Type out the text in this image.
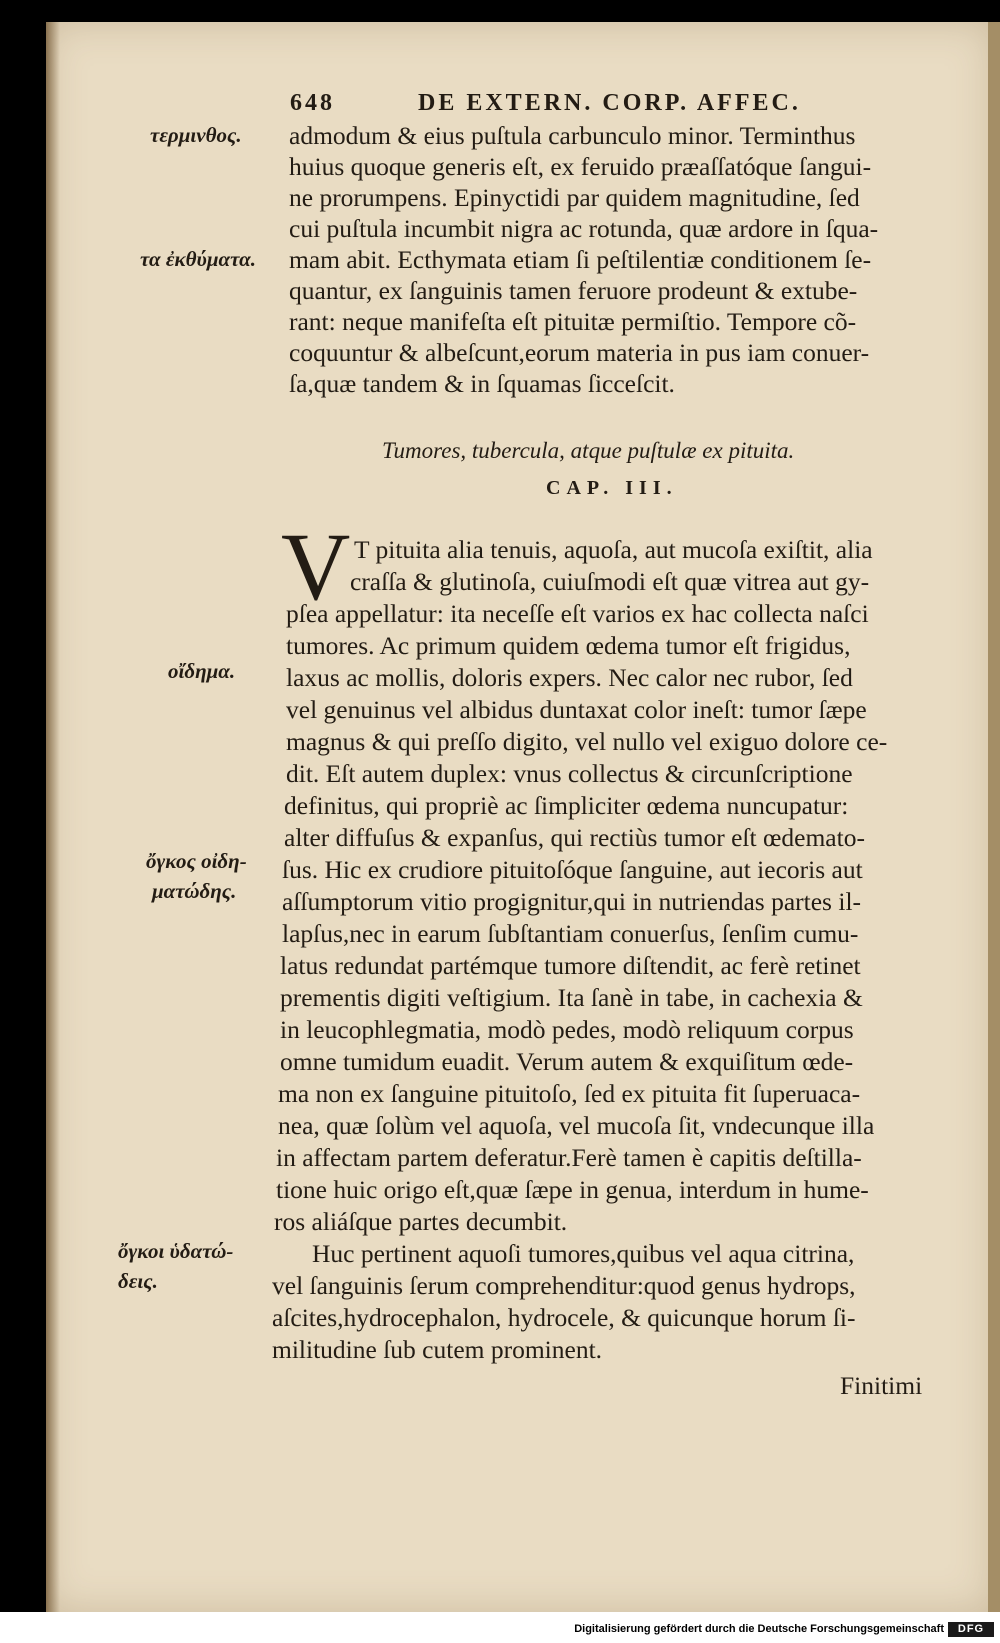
648	DE EXTERN. CORP. AFFEC.

τερμινθος.

τα ἐκθύματα.

οἴδημα.

ὄγκος οἰδη-

ματώδης.

ὄγκοι ὑδατώ-

δεις.

admodum & eius puſtula carbunculo minor. Terminthus

huius quoque generis eſt, ex feruido præaſſatóque ſangui-

ne prorumpens. Epinyctidi par quidem magnitudine, ſed

cui puſtula incumbit nigra ac rotunda, quæ ardore in ſqua-

mam abit. Ecthymata etiam ſi peſtilentiæ conditionem ſe-

quantur, ex ſanguinis tamen feruore prodeunt & extube-

rant: neque manifeſta eſt pituitæ permiſtio. Tempore cõ-

coquuntur & albeſcunt,eorum materia in pus iam conuer-

ſa,quæ tandem & in ſquamas ſicceſcit.

Tumores, tubercula, atque puſtulæ ex pituita.

CAP. III.

V T pituita alia tenuis, aquoſa, aut mucoſa exiſtit, alia

craſſa & glutinoſa, cuiuſmodi eſt quæ vitrea aut gy-

pſea appellatur: ita neceſſe eſt varios ex hac collecta naſci

tumores. Ac primum quidem œdema tumor eſt frigidus,

laxus ac mollis, doloris expers. Nec calor nec rubor, ſed

vel genuinus vel albidus duntaxat color ineſt: tumor ſæpe

magnus & qui preſſo digito, vel nullo vel exiguo dolore ce-

dit. Eſt autem duplex: vnus collectus & circunſcriptione

definitus, qui propriè ac ſimpliciter œdema nuncupatur:

alter diffuſus & expanſus, qui rectiùs tumor eſt œdemato-

ſus. Hic ex crudiore pituitoſóque ſanguine, aut iecoris aut

aſſumptorum vitio progignitur,qui in nutriendas partes il-

lapſus,nec in earum ſubſtantiam conuerſus, ſenſim cumu-

latus redundat partémque tumore diſtendit, ac ferè retinet

prementis digiti veſtigium. Ita ſanè in tabe, in cachexia &

in leucophlegmatia, modò pedes, modò reliquum corpus

omne tumidum euadit. Verum autem & exquiſitum œde-

ma non ex ſanguine pituitoſo, ſed ex pituita fit ſuperuaca-

nea, quæ ſolùm vel aquoſa, vel mucoſa ſit, vndecunque illa

in affectam partem deferatur.Ferè tamen è capitis deſtilla-

tione huic origo eſt,quæ ſæpe in genua, interdum in hume-

ros aliáſque partes decumbit.

Huc pertinent aquoſi tumores,quibus vel aqua citrina,

vel ſanguinis ſerum comprehenditur:quod genus hydrops,

aſcites,hydrocephalon, hydrocele, & quicunque horum ſi-

militudine ſub cutem prominent.

Finitimi

Digitalisierung gefördert durch die Deutsche Forschungsgemeinschaft	DFG
